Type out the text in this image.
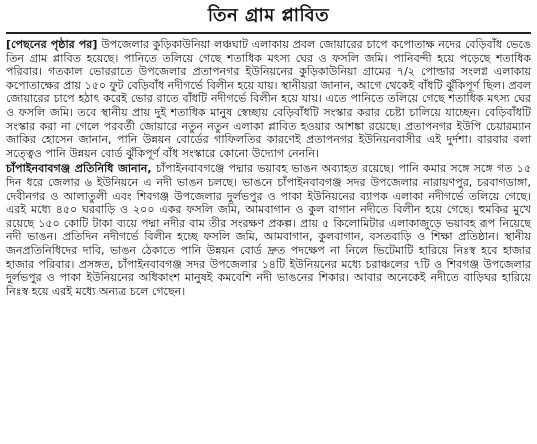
তিন গ্রাম প্লাবিত

[পেছনের পৃষ্ঠার পর] উপজেলার কুড়িকাউনিয়া লঞ্চঘাট এলাকায় প্রবল জোয়ারের চাপে কপোতাক্ষ নদের বেড়িবাঁধ ভেঙে তিন গ্রাম প্লাবিত হয়েছে। পানিতে তলিয়ে গেছে শতাধিক মৎস্য ঘের ও ফসলি জমি। পানিবন্দী হয়ে পড়েছে শতাধিক পরিবার। গতকাল ভোররাতে উপজেলার প্রতাপনগর ইউনিয়নের কুড়িকাউনিয়া গ্রামের ৭/২ পোল্ডার সংলগ্ন এলাকায় কপোতাক্ষের প্রায় ১৫০ ফুট বেড়িবাঁধ নদীগর্ভে বিলীন হয়ে যায়। স্থানীয়রা জানান, আগে থেকেই বাঁধটি ঝুঁকিপূর্ণ ছিল। প্রবল জোয়ারের চাপে হঠাৎ করেই ভোর রাতে বাঁধটি নদীগর্ভে বিলীন হয়ে যায়। এতে পানিতে তলিয়ে গেছে শতাধিক মৎস্য ঘের ও ফসলি জমি। তবে স্থানীয় প্রায় দুই শতাধিক মানুষ স্বেচ্ছায় বেড়িবাঁধটি সংস্কার করার চেষ্টা চালিয়ে যাচ্ছেন। বেড়িবাঁধটি সংস্কার করা না গেলে পরবর্তী জোয়ারে নতুন নতুন এলাকা প্লাবিত হওয়ার আশঙ্কা রয়েছে। প্রতাপনগর ইউপি চেয়ারম্যান জাকির হোসেন জানান, পানি উন্নয়ন বোর্ডের গাফিলতির কারণেই প্রতাপনগর ইউনিয়নবাসীর এই দুর্দশা। বারবার বলা সত্ত্বেও পানি উন্নয়ন বোর্ড ঝুঁকিপূর্ণ বাঁধ সংস্কারে কোনো উদ্যোগ নেননি।

চাঁপাইনবাবগঞ্জ প্রতিনিধি জানান, চাঁপাইনবাবগঞ্জে পদ্মার ভয়াবহ ভাঙন অব্যাহত রয়েছে। পানি কমার সঙ্গে সঙ্গে গত ১৫ দিন ধরে জেলার ৬ ইউনিয়নে এ নদী ভাঙন চলছে। ভাঙনে চাঁপাইনবাবগঞ্জ সদর উপজেলার নারায়ণপুর, চরবাগডাঙ্গা, দেবীনগর ও আলাতুলী এবং শিবগঞ্জ উপজেলার দুর্লভপুর ও পাকা ইউনিয়নের ব্যাপক এলাকা নদীগর্ভে তলিয়ে গেছে। এরই মধ্যে ৪৫০ ঘরবাড়ি ও ২০০ একর ফসলি জমি, আমবাগান ও কুল বাগান নদীতে বিলীন হয়ে গেছে। হুমকির মুখে রয়েছে ১৫০ কোটি টাকা ব্যয়ে পদ্মা নদীর বাম তীর সংরক্ষণ প্রকল্প। প্রায় ৫ কিলোমিটার এলাকাজুড়ে ভয়াবহ রূপ নিয়েছে নদী ভাঙন। প্রতিদিন নদীগর্ভে বিলীন হচ্ছে ফসলি জমি, আমবাগান, কুলবাগান, বসতবাড়ি ও শিক্ষা প্রতিষ্ঠান। স্থানীয় জনপ্রতিনিধিদের দাবি, ভাঙন ঠেকাতে পানি উন্নয়ন বোর্ড দ্রুত পদক্ষেপ না নিলে ভিটেমাটি হারিয়ে নিঃস্ব হবে হাজার হাজার পরিবার। প্রসঙ্গত, চাঁপাইনবাবগঞ্জ সদর উপজেলার ১৪টি ইউনিয়নের মধ্যে চরাঞ্চলের ৭টি ও শিবগঞ্জ উপজেলার দুর্লভপুর ও পাকা ইউনিয়নের অধিকাংশ মানুষই কমবেশি নদী ভাঙনের শিকার। আবার অনেকেই নদীতে বাড়িঘর হারিয়ে নিঃস্ব হয়ে এরই মধ্যে অন্যত্র চলে গেছেন।
